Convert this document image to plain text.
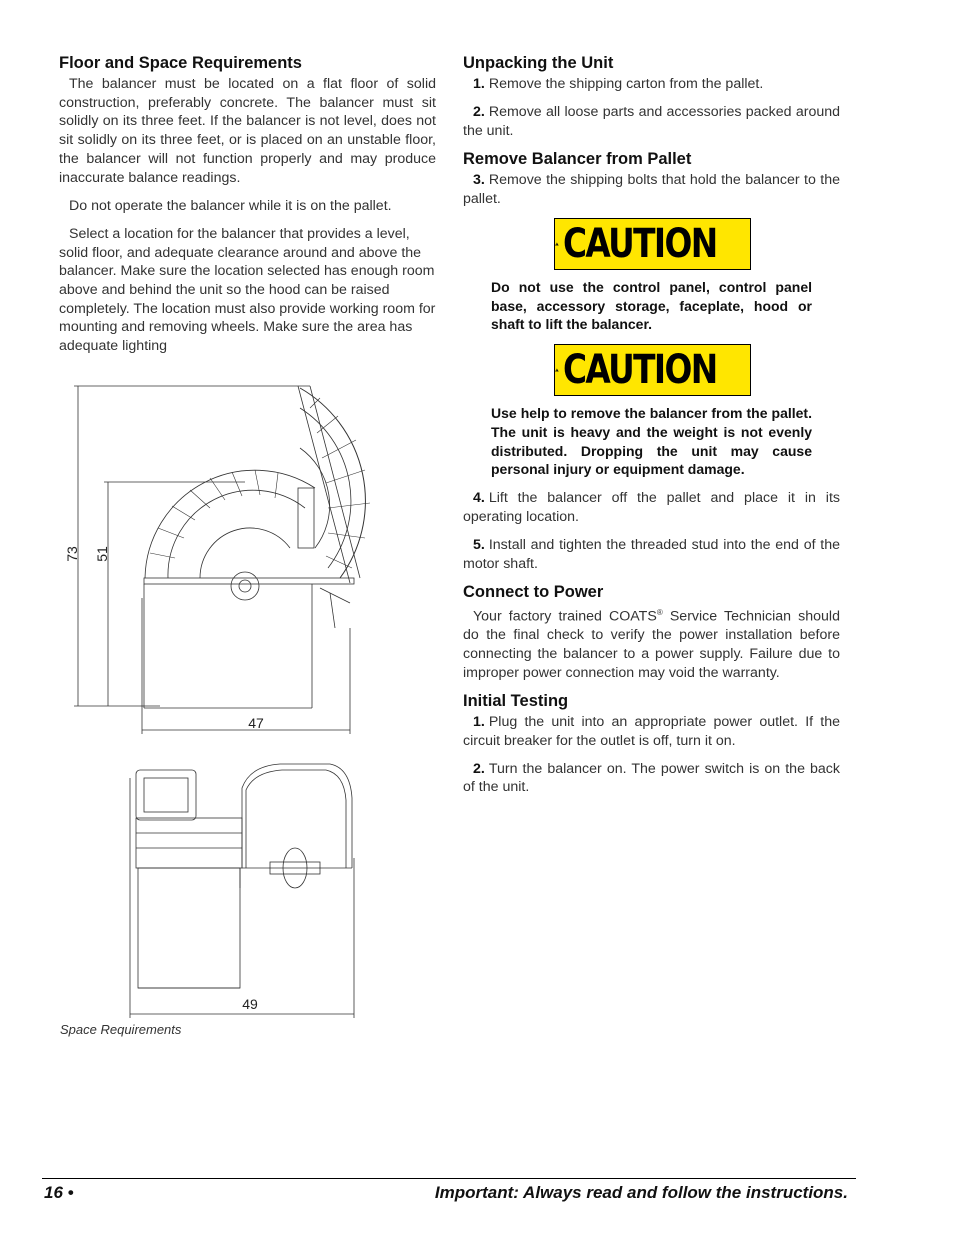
Floor and Space Requirements

The balancer must be located on a flat floor of solid construction, preferably concrete. The balancer must sit solidly on its three feet. If the balancer is not level, does not sit solidly on its three feet, or is placed on an unstable floor, the balancer will not function properly and may produce inaccurate balance readings.

Do not operate the balancer while it is on the pallet.

Select a location for the balancer that provides a level, solid floor, and adequate clearance around and above the balancer. Make sure the location selected has enough room above and behind the unit so the hood can be raised completely. The location must also provide working room for mounting and removing wheels. Make sure the area has adequate lighting

73 51
47
49
Space Requirements
Unpacking the Unit

1. Remove the shipping carton from the pallet.

2. Remove all loose parts and accessories packed around the unit.

Remove Balancer from Pallet

3. Remove the shipping bolts that hold the balancer to the pallet.

CAUTION
Do not use the control panel, control panel base, accessory storage, faceplate, hood or shaft to lift the balancer.
CAUTION
Use help to remove the balancer from the pallet. The unit is heavy and the weight is not evenly distributed. Dropping the unit may cause personal injury or equipment damage.

4. Lift the balancer off the pallet and place it in its operating location.

5. Install and tighten the threaded stud into the end of the motor shaft.

Connect to Power

Your factory trained COATS® Service Technician should do the final check to verify the power installation before connecting the balancer to a power supply. Failure due to improper power connection may void the warranty.

Initial Testing

1. Plug the unit into an appropriate power outlet. If the circuit breaker for the outlet is off, turn it on.

2. Turn the balancer on. The power switch is on the back of the unit.

16 •	Important: Always read and follow the instructions.
